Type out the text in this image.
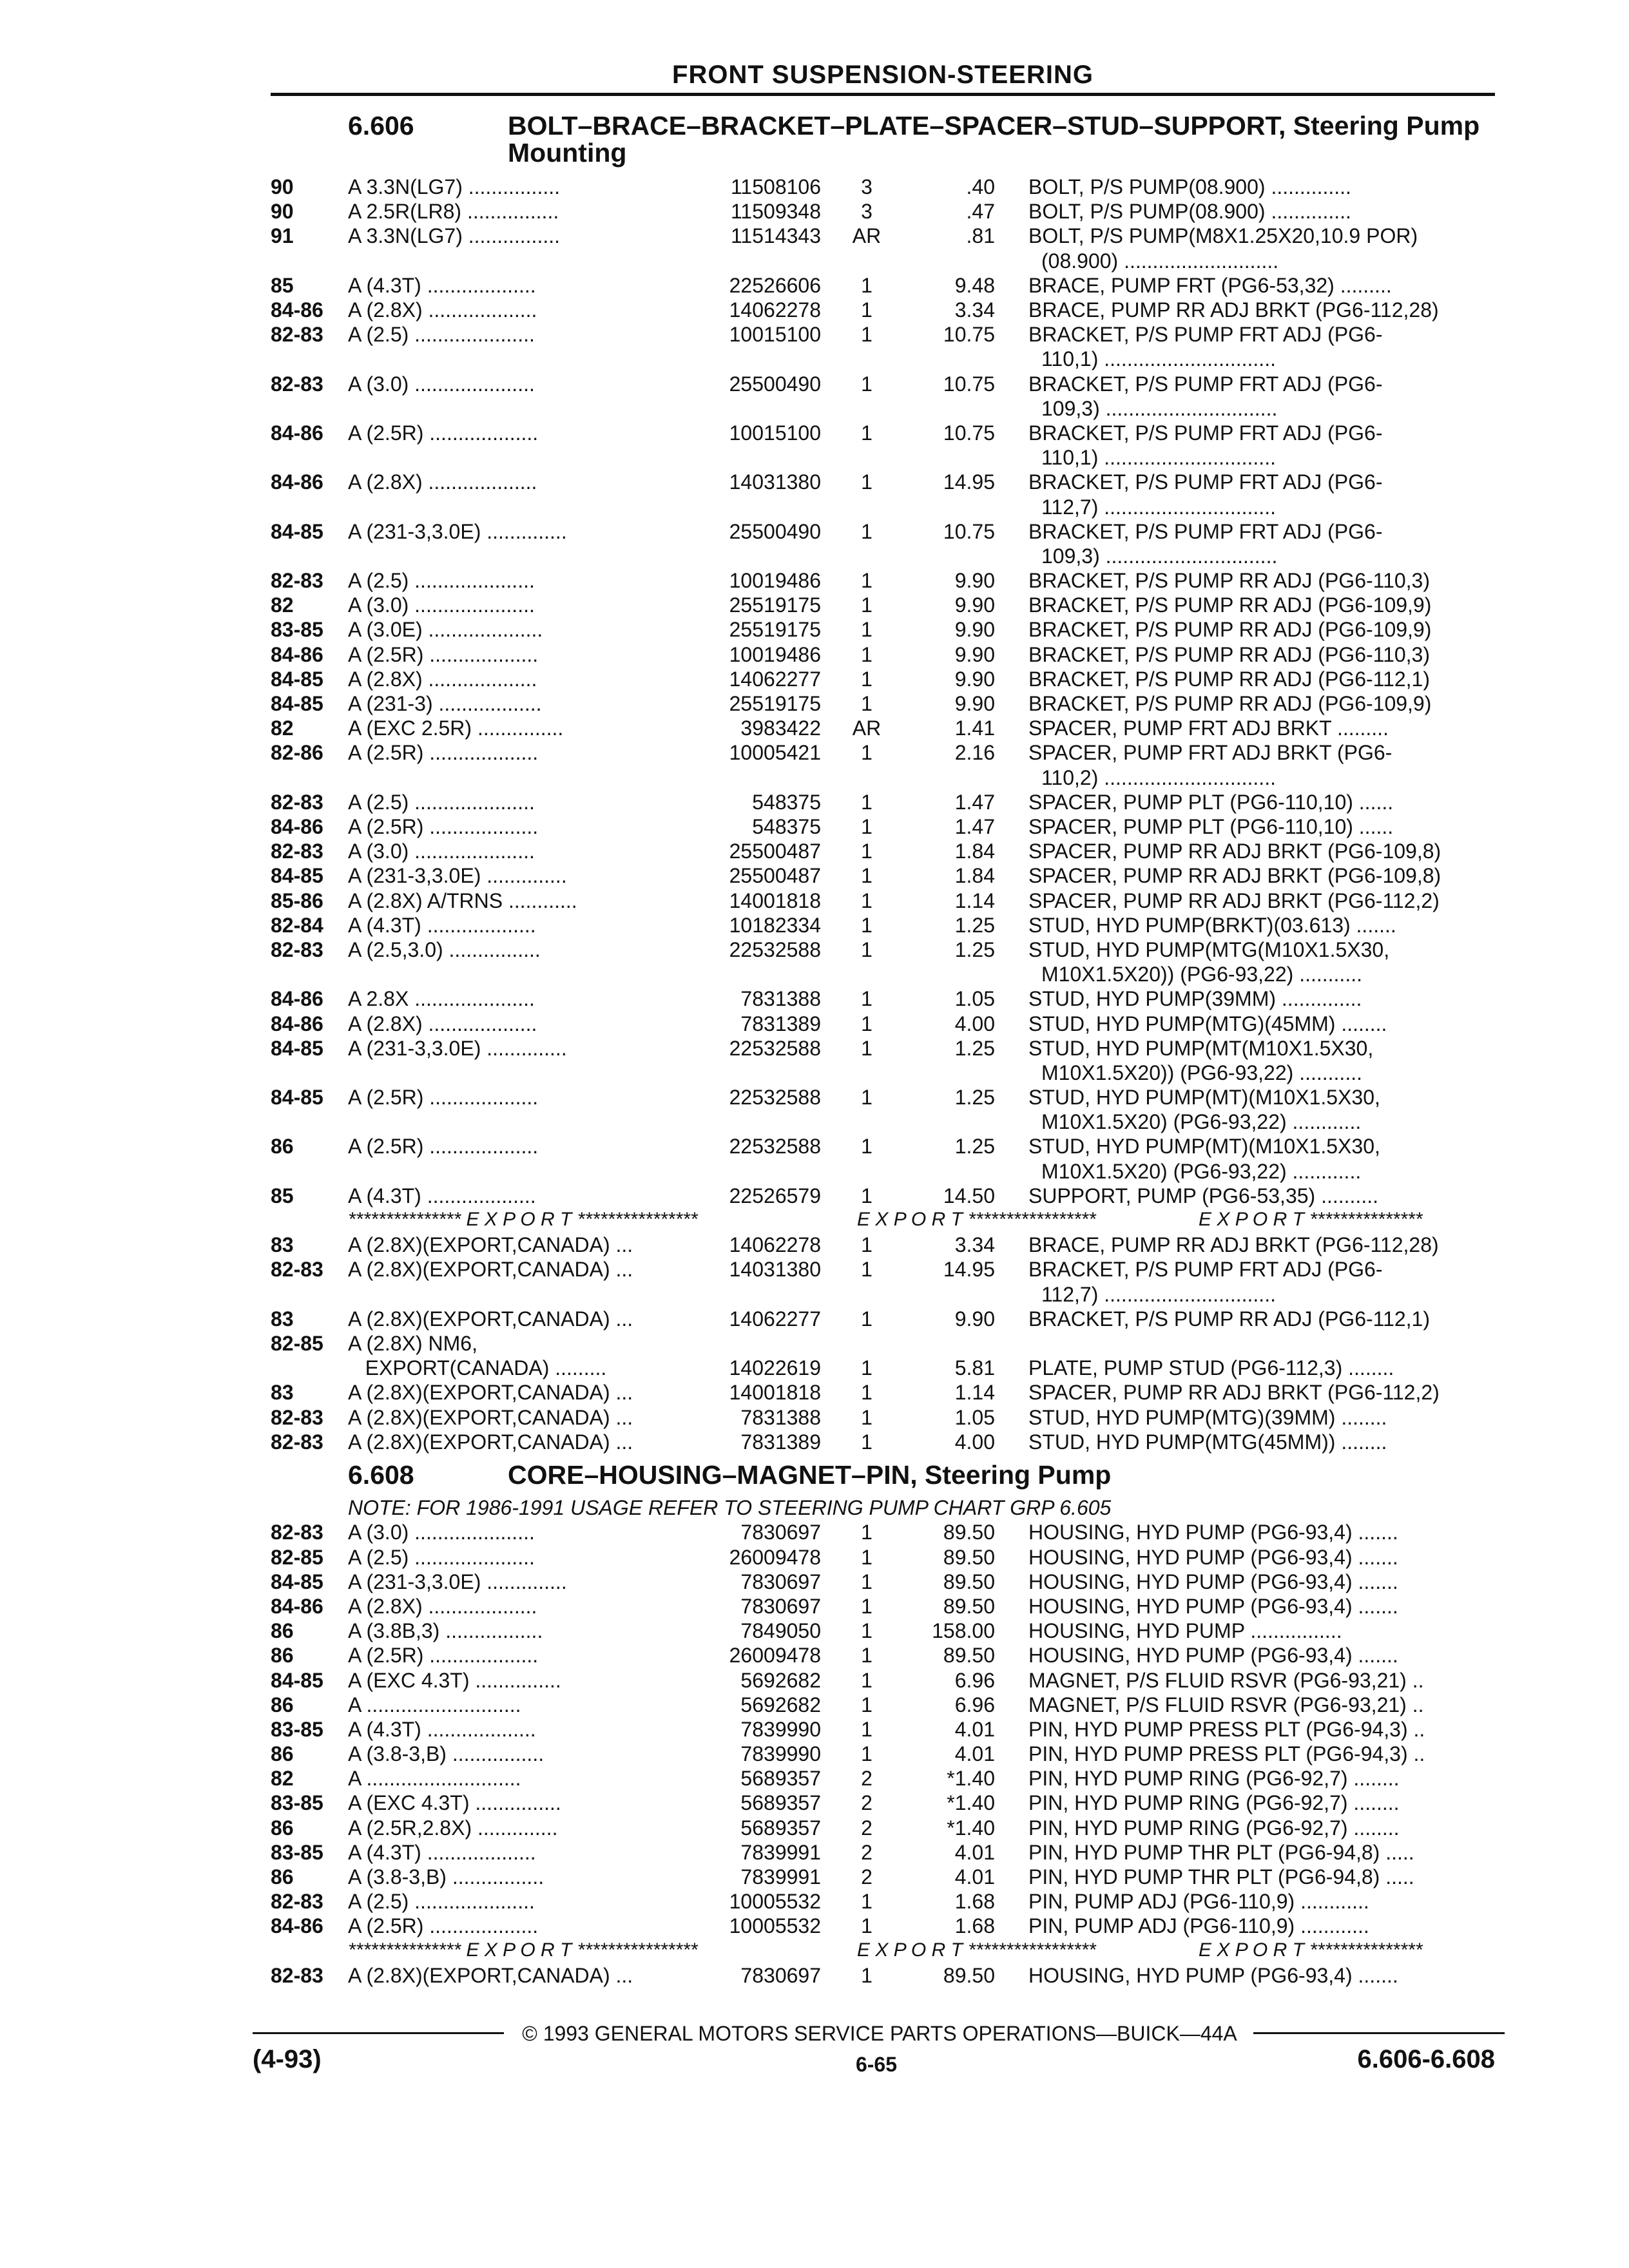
FRONT SUSPENSION-STEERING
6.606	BOLT–BRACE–BRACKET–PLATE–SPACER–STUD–SUPPORT, Steering Pump Mounting
90	A 3.3N(LG7) ................	11508106	3	.40 BOLT, P/S PUMP(08.900) ..............
90	A 2.5R(LR8) ................	11509348	3	.47 BOLT, P/S PUMP(08.900) ..............
91	A 3.3N(LG7) ................	11514343	AR	.81 BOLT, P/S PUMP(M8X1.25X20,10.9 POR)
(08.900) ...........................
85	A (4.3T) ...................	22526606	1	9.48 BRACE, PUMP FRT (PG6-53,32) .........
84-86 A (2.8X) ...................	14062278	1	3.34 BRACE, PUMP RR ADJ BRKT (PG6-112,28)
82-83 A (2.5) .....................	10015100	1	10.75 BRACKET, P/S PUMP FRT ADJ (PG6-
110,1) ..............................
82-83 A (3.0) .....................	25500490	1	10.75 BRACKET, P/S PUMP FRT ADJ (PG6-
109,3) ..............................
84-86 A (2.5R) ...................	10015100	1	10.75 BRACKET, P/S PUMP FRT ADJ (PG6-
110,1) ..............................
84-86 A (2.8X) ...................	14031380	1	14.95 BRACKET, P/S PUMP FRT ADJ (PG6-
112,7) ..............................
84-85 A (231-3,3.0E) ..............	25500490	1	10.75 BRACKET, P/S PUMP FRT ADJ (PG6-
109,3) ..............................
82-83 A (2.5) .....................	10019486	1	9.90 BRACKET, P/S PUMP RR ADJ (PG6-110,3)
82	A (3.0) .....................	25519175	1	9.90 BRACKET, P/S PUMP RR ADJ (PG6-109,9)
83-85 A (3.0E) ....................	25519175	1	9.90 BRACKET, P/S PUMP RR ADJ (PG6-109,9)
84-86 A (2.5R) ...................	10019486	1	9.90 BRACKET, P/S PUMP RR ADJ (PG6-110,3)
84-85 A (2.8X) ...................	14062277	1	9.90 BRACKET, P/S PUMP RR ADJ (PG6-112,1)
84-85 A (231-3) ..................	25519175	1	9.90 BRACKET, P/S PUMP RR ADJ (PG6-109,9)
82	A (EXC 2.5R) ...............	3983422	AR	1.41 SPACER, PUMP FRT ADJ BRKT .........
82-86 A (2.5R) ...................	10005421	1	2.16 SPACER, PUMP FRT ADJ BRKT (PG6-
110,2) ..............................
82-83 A (2.5) .....................	548375	1	1.47 SPACER, PUMP PLT (PG6-110,10) ......
84-86 A (2.5R) ...................	548375	1	1.47 SPACER, PUMP PLT (PG6-110,10) ......
82-83 A (3.0) .....................	25500487	1	1.84 SPACER, PUMP RR ADJ BRKT (PG6-109,8)
84-85 A (231-3,3.0E) ..............	25500487	1	1.84 SPACER, PUMP RR ADJ BRKT (PG6-109,8)
85-86 A (2.8X) A/TRNS ............	14001818	1	1.14 SPACER, PUMP RR ADJ BRKT (PG6-112,2)
82-84 A (4.3T) ...................	10182334	1	1.25 STUD, HYD PUMP(BRKT)(03.613) .......
82-83 A (2.5,3.0) ................	22532588	1	1.25 STUD, HYD PUMP(MTG(M10X1.5X30,
M10X1.5X20)) (PG6-93,22) ...........
84-86 A 2.8X .....................	7831388	1	1.05 STUD, HYD PUMP(39MM) ..............
84-86 A (2.8X) ...................	7831389	1	4.00 STUD, HYD PUMP(MTG)(45MM) ........
84-85 A (231-3,3.0E) ..............	22532588	1	1.25 STUD, HYD PUMP(MT(M10X1.5X30,
M10X1.5X20)) (PG6-93,22) ...........
84-85 A (2.5R) ...................	22532588	1	1.25 STUD, HYD PUMP(MT)(M10X1.5X30,
M10X1.5X20) (PG6-93,22) ............
86	A (2.5R) ...................	22532588	1	1.25 STUD, HYD PUMP(MT)(M10X1.5X30,
M10X1.5X20) (PG6-93,22) ............
85	A (4.3T) ...................	22526579	1	14.50 SUPPORT, PUMP (PG6-53,35) ..........
*************** E X P O R T ****************	E X P O R T *****************	E X P O R T ***************
83	A (2.8X)(EXPORT,CANADA) ...	14062278	1	3.34 BRACE, PUMP RR ADJ BRKT (PG6-112,28)
82-83 A (2.8X)(EXPORT,CANADA) ...	14031380	1	14.95 BRACKET, P/S PUMP FRT ADJ (PG6-
112,7) ..............................
83	A (2.8X)(EXPORT,CANADA) ...	14062277	1	9.90 BRACKET, P/S PUMP RR ADJ (PG6-112,1)
82-85 A (2.8X) NM6,
EXPORT(CANADA) .........	14022619	1	5.81 PLATE, PUMP STUD (PG6-112,3) ........
83	A (2.8X)(EXPORT,CANADA) ...	14001818	1	1.14 SPACER, PUMP RR ADJ BRKT (PG6-112,2)
82-83 A (2.8X)(EXPORT,CANADA) ...	7831388	1	1.05 STUD, HYD PUMP(MTG)(39MM) ........
82-83 A (2.8X)(EXPORT,CANADA) ...	7831389	1	4.00 STUD, HYD PUMP(MTG(45MM)) ........
6.608	CORE–HOUSING–MAGNET–PIN, Steering Pump
NOTE: FOR 1986-1991 USAGE REFER TO STEERING PUMP CHART GRP 6.605
82-83 A (3.0) .....................	7830697	1	89.50 HOUSING, HYD PUMP (PG6-93,4) .......
82-85 A (2.5) .....................	26009478	1	89.50 HOUSING, HYD PUMP (PG6-93,4) .......
84-85 A (231-3,3.0E) ..............	7830697	1	89.50 HOUSING, HYD PUMP (PG6-93,4) .......
84-86 A (2.8X) ...................	7830697	1	89.50 HOUSING, HYD PUMP (PG6-93,4) .......
86	A (3.8B,3) .................	7849050	1	158.00 HOUSING, HYD PUMP ................
86	A (2.5R) ...................	26009478	1	89.50 HOUSING, HYD PUMP (PG6-93,4) .......
84-85 A (EXC 4.3T) ...............	5692682	1	6.96 MAGNET, P/S FLUID RSVR (PG6-93,21) ..
86	A ...........................	5692682	1	6.96 MAGNET, P/S FLUID RSVR (PG6-93,21) ..
83-85 A (4.3T) ...................	7839990	1	4.01 PIN, HYD PUMP PRESS PLT (PG6-94,3) ..
86	A (3.8-3,B) ................	7839990	1	4.01 PIN, HYD PUMP PRESS PLT (PG6-94,3) ..
82	A ...........................	5689357	2	*1.40 PIN, HYD PUMP RING (PG6-92,7) ........
83-85 A (EXC 4.3T) ...............	5689357	2	*1.40 PIN, HYD PUMP RING (PG6-92,7) ........
86	A (2.5R,2.8X) ..............	5689357	2	*1.40 PIN, HYD PUMP RING (PG6-92,7) ........
83-85 A (4.3T) ...................	7839991	2	4.01 PIN, HYD PUMP THR PLT (PG6-94,8) .....
86	A (3.8-3,B) ................	7839991	2	4.01 PIN, HYD PUMP THR PLT (PG6-94,8) .....
82-83 A (2.5) .....................	10005532	1	1.68 PIN, PUMP ADJ (PG6-110,9) ............
84-86 A (2.5R) ...................	10005532	1	1.68 PIN, PUMP ADJ (PG6-110,9) ............
*************** E X P O R T ****************	E X P O R T *****************	E X P O R T ***************
82-83 A (2.8X)(EXPORT,CANADA) ...	7830697	1	89.50 HOUSING, HYD PUMP (PG6-93,4) .......
© 1993 GENERAL MOTORS SERVICE PARTS OPERATIONS—BUICK—44A
(4-93)	6-65	6.606-6.608
